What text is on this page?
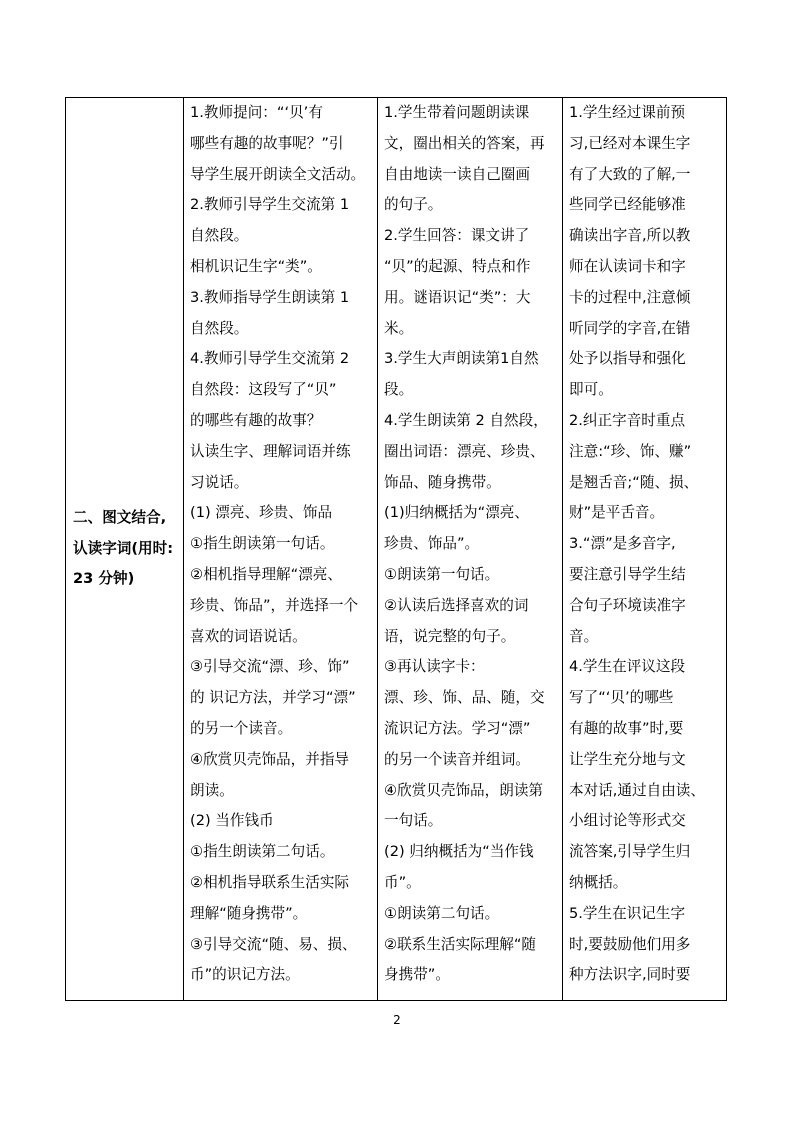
二、图文结合,
认读字词(用时:
23 分钟)

1.教师提问：“‘贝’有
哪些有趣的故事呢？”引
导学生展开朗读全文活动。
2.教师引导学生交流第 1
自然段。
相机识记生字“类”。
3.教师指导学生朗读第 1
自然段。
4.教师引导学生交流第 2
自然段：这段写了“贝”
的哪些有趣的故事？
认读生字、理解词语并练
习说话。
(1) 漂亮、珍贵、饰品
①指生朗读第一句话。
②相机指导理解“漂亮、
珍贵、饰品”，并选择一个
喜欢的词语说话。
③引导交流“漂、珍、饰”
的 识记方法，并学习“漂”
的另一个读音。
④欣赏贝壳饰品，并指导
朗读。
(2) 当作钱币
①指生朗读第二句话。
②相机指导联系生活实际
理解“随身携带”。
③引导交流“随、易、损、
币”的识记方法。

1.学生带着问题朗读课
文，圈出相关的答案，再
自由地读一读自己圈画
的句子。
2.学生回答：课文讲了
“贝”的起源、特点和作
用。谜语识记“类”：大
米。
3.学生大声朗读第1自然
段。
4.学生朗读第 2 自然段，
圈出词语：漂亮、珍贵、
饰品、随身携带。
(1)归纳概括为“漂亮、
珍贵、饰品”。
①朗读第一句话。
②认读后选择喜欢的词
语，说完整的句子。
③再认读字卡：
漂、珍、饰、品、随，交
流识记方法。学习“漂”
的另一个读音并组词。
④欣赏贝壳饰品，朗读第
一句话。
(2) 归纳概括为“当作钱
币”。
①朗读第二句话。
②联系生活实际理解“随
身携带”。

1.学生经过课前预
习,已经对本课生字
有了大致的了解,一
些同学已经能够准
确读出字音,所以教
师在认读词卡和字
卡的过程中,注意倾
听同学的字音,在错
处予以指导和强化
即可。
2.纠正字音时重点
注意:“珍、饰、赚”
是翘舌音;“随、损、
财”是平舌音。
3.“漂”是多音字,
要注意引导学生结
合句子环境读准字
音。
4.学生在评议这段
写了“‘贝’的哪些
有趣的故事”时,要
让学生充分地与文
本对话,通过自由读、
小组讨论等形式交
流答案,引导学生归
纳概括。
5.学生在识记生字
时,要鼓励他们用多
种方法识字,同时要
2
